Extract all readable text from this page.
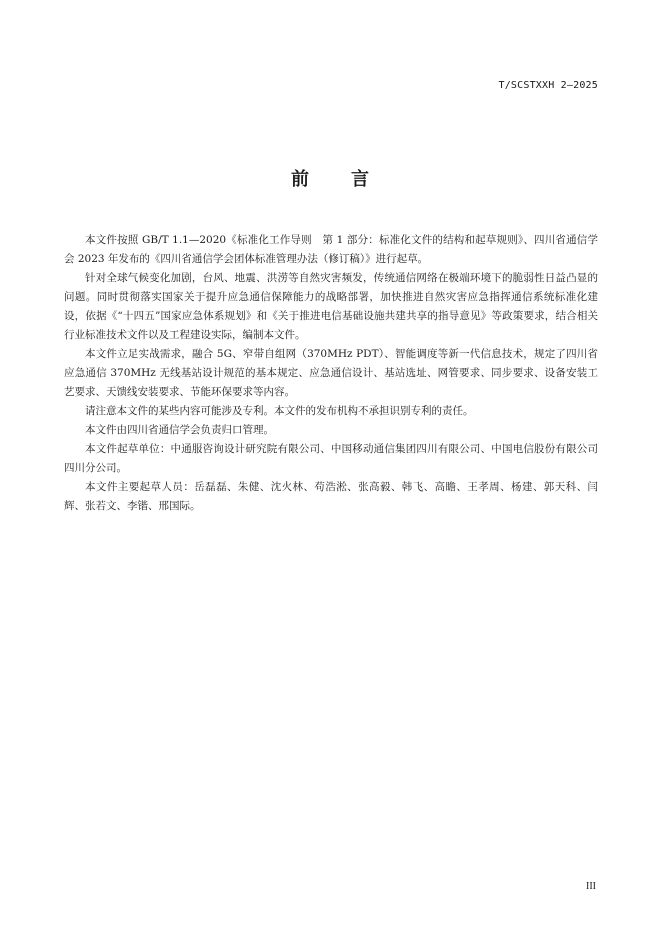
T/SCSTXXH 2—2025
前　　言

本文件按照 GB/T 1.1—2020《标准化工作导则　第 1 部分：标准化文件的结构和起草规则》、四川省通信学会 2023 年发布的《四川省通信学会团体标准管理办法（修订稿）》进行起草。

针对全球气候变化加剧，台风、地震、洪涝等自然灾害频发，传统通信网络在极端环境下的脆弱性日益凸显的问题。同时贯彻落实国家关于提升应急通信保障能力的战略部署，加快推进自然灾害应急指挥通信系统标准化建设，依据《“十四五”国家应急体系规划》和《关于推进电信基础设施共建共享的指导意见》等政策要求，结合相关行业标准技术文件以及工程建设实际，编制本文件。

本文件立足实战需求，融合 5G、窄带自组网（370MHz PDT）、智能调度等新一代信息技术，规定了四川省应急通信 370MHz 无线基站设计规范的基本规定、应急通信设计、基站选址、网管要求、同步要求、设备安装工艺要求、天馈线安装要求、节能环保要求等内容。

请注意本文件的某些内容可能涉及专利。本文件的发布机构不承担识别专利的责任。

本文件由四川省通信学会负责归口管理。

本文件起草单位：中通服咨询设计研究院有限公司、中国移动通信集团四川有限公司、中国电信股份有限公司四川分公司。

本文件主要起草人员：岳磊磊、朱健、沈火林、苟浩淞、张高毅、韩飞、高瞻、王孝周、杨建、郭天科、闫辉、张若文、李锴、邢国际。

III
